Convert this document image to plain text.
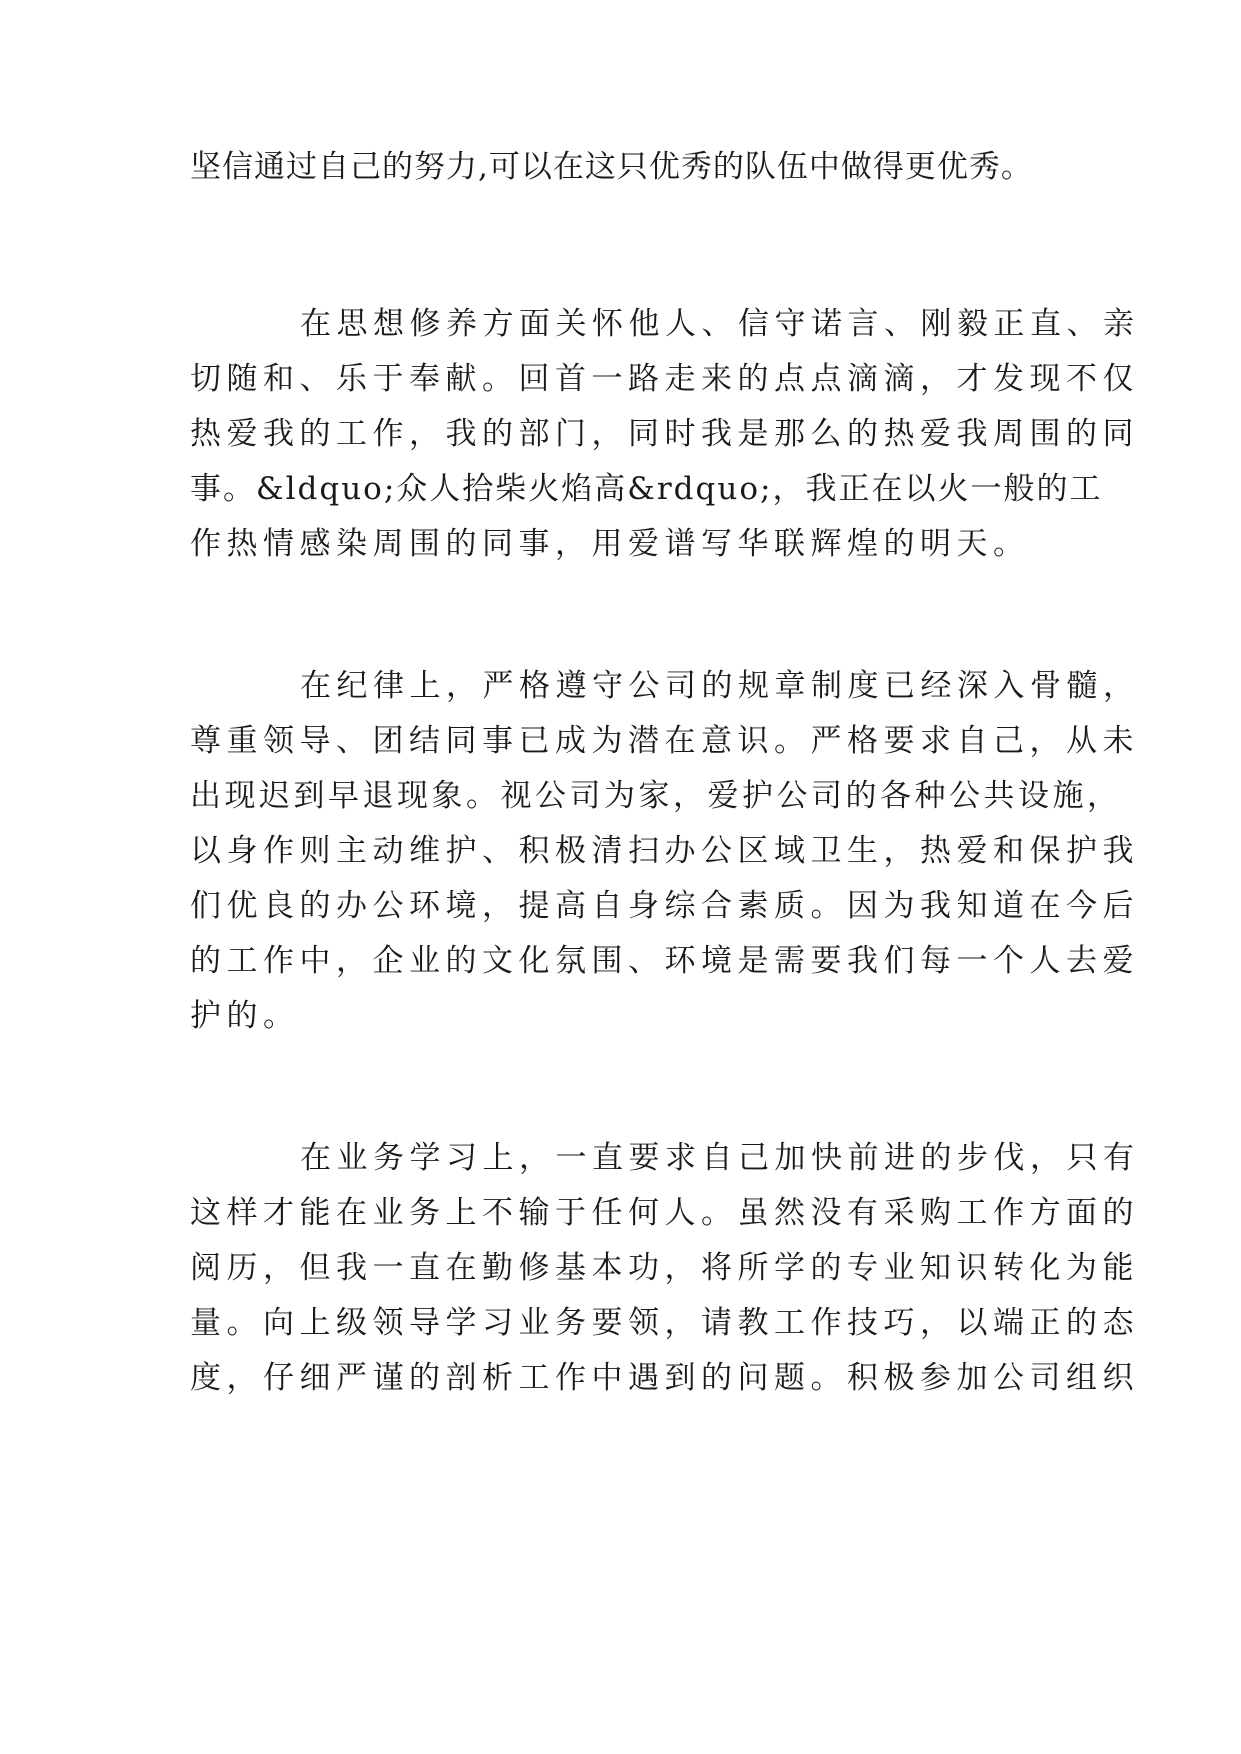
坚信通过自己的努力,可以在这只优秀的队伍中做得更优秀。
在思想修养方面关怀他人、信守诺言、刚毅正直、亲
切随和、乐于奉献。回首一路走来的点点滴滴，才发现不仅
热爱我的工作，我的部门，同时我是那么的热爱我周围的同
事。&ldquo;众人拾柴火焰高&rdquo;，我正在以火一般的工
作热情感染周围的同事，用爱谱写华联辉煌的明天。
在纪律上，严格遵守公司的规章制度已经深入骨髓，
尊重领导、团结同事已成为潜在意识。严格要求自己，从未
出现迟到早退现象。视公司为家，爱护公司的各种公共设施，
以身作则主动维护、积极清扫办公区域卫生，热爱和保护我
们优良的办公环境，提高自身综合素质。因为我知道在今后
的工作中，企业的文化氛围、环境是需要我们每一个人去爱
护的。
在业务学习上，一直要求自己加快前进的步伐，只有
这样才能在业务上不输于任何人。虽然没有采购工作方面的
阅历，但我一直在勤修基本功，将所学的专业知识转化为能
量。向上级领导学习业务要领，请教工作技巧，以端正的态
度，仔细严谨的剖析工作中遇到的问题。积极参加公司组织
